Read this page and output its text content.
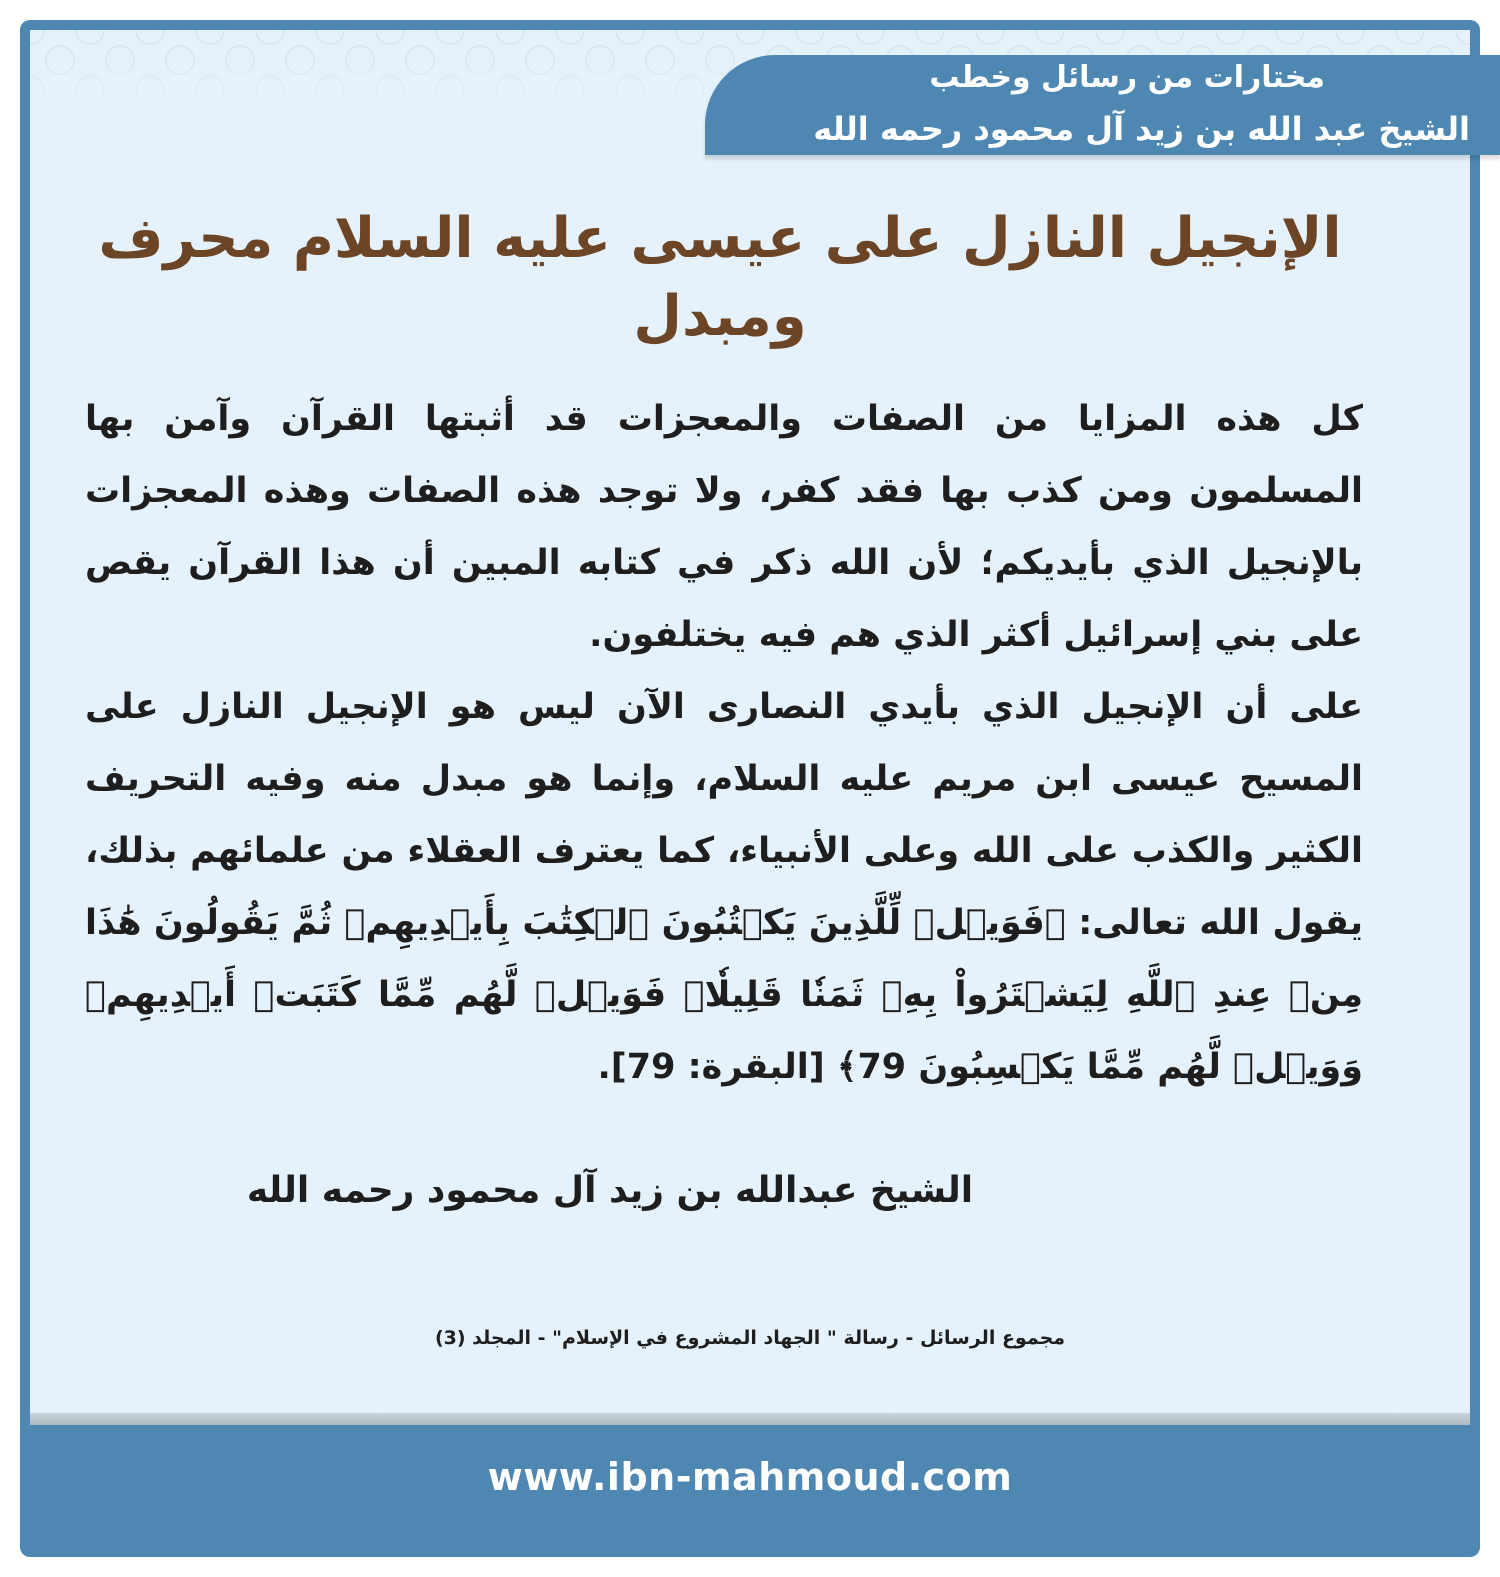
مختارات من رسائل وخطب
الشيخ عبد الله بن زيد آل محمود رحمه الله
الإنجيل النازل على عيسى عليه السلام محرف ومبدل

كل هذه المزايا من الصفات والمعجزات قد أثبتها القرآن وآمن بها المسلمون ومن كذب بها فقد كفر، ولا توجد هذه الصفات وهذه المعجزات بالإنجيل الذي بأيديكم؛ لأن الله ذكر في كتابه المبين أن هذا القرآن يقص على بني إسرائيل أكثر الذي هم فيه يختلفون.

على أن الإنجيل الذي بأيدي النصارى الآن ليس هو الإنجيل النازل على المسيح عيسى ابن مريم عليه السلام، وإنما هو مبدل منه وفيه التحريف الكثير والكذب على الله وعلى الأنبياء، كما يعترف العقلاء من علمائهم بذلك، يقول الله تعالى: ﴿فَوَيۡلٞ لِّلَّذِينَ يَكۡتُبُونَ ٱلۡكِتَٰبَ بِأَيۡدِيهِمۡ ثُمَّ يَقُولُونَ هَٰذَا مِنۡ عِندِ ٱللَّهِ لِيَشۡتَرُواْ بِهِۦ ثَمَنٗا قَلِيلٗاۖ فَوَيۡلٞ لَّهُم مِّمَّا كَتَبَتۡ أَيۡدِيهِمۡ وَوَيۡلٞ لَّهُم مِّمَّا يَكۡسِبُونَ 79﴾ [البقرة: 79].

الشيخ عبدالله بن زيد آل محمود رحمه الله
مجموع الرسائل - رسالة " الجهاد المشروع في الإسلام" - المجلد (3)
www.ibn-mahmoud.com
